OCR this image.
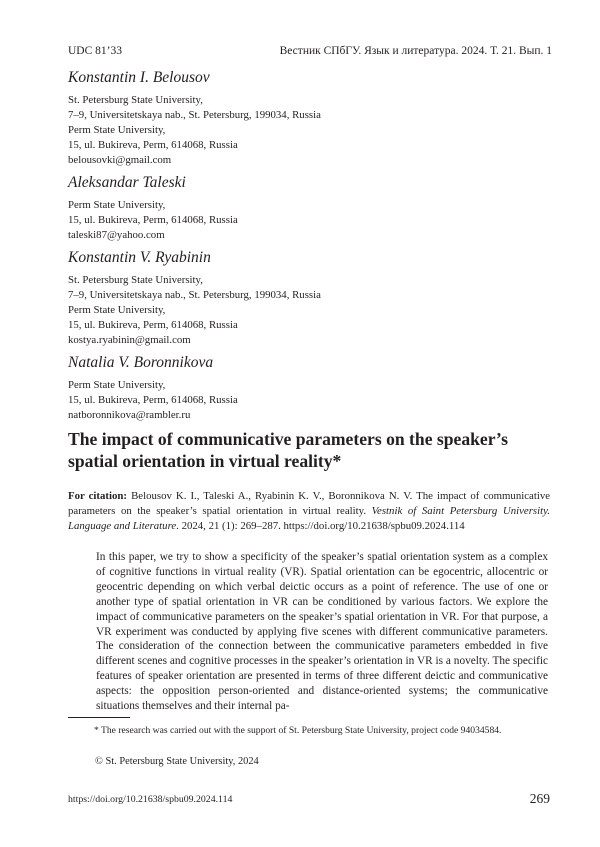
UDC 81’33	Вестник СПбГУ. Язык и литература. 2024. Т. 21. Вып. 1
Konstantin I. Belousov
St. Petersburg State University,
7–9, Universitetskaya nab., St. Petersburg, 199034, Russia
Perm State University,
15, ul. Bukireva, Perm, 614068, Russia
belousovki@gmail.com
Aleksandar Taleski
Perm State University,
15, ul. Bukireva, Perm, 614068, Russia
taleski87@yahoo.com
Konstantin V. Ryabinin
St. Petersburg State University,
7–9, Universitetskaya nab., St. Petersburg, 199034, Russia
Perm State University,
15, ul. Bukireva, Perm, 614068, Russia
kostya.ryabinin@gmail.com
Natalia V. Boronnikova
Perm State University,
15, ul. Bukireva, Perm, 614068, Russia
natboronnikova@rambler.ru
The impact of communicative parameters on the speaker’s spatial orientation in virtual reality*
For citation: Belousov K. I., Taleski A., Ryabinin K. V., Boronnikova N. V. The impact of communicative parameters on the speaker’s spatial orientation in virtual reality. Vestnik of Saint Petersburg University. Language and Literature. 2024, 21 (1): 269–287. https://doi.org/10.21638/spbu09.2024.114
In this paper, we try to show a specificity of the speaker’s spatial orientation system as a complex of cognitive functions in virtual reality (VR). Spatial orientation can be egocentric, allocentric or geocentric depending on which verbal deictic occurs as a point of reference. The use of one or another type of spatial orientation in VR can be conditioned by various factors. We explore the impact of communicative parameters on the speaker’s spatial orientation in VR. For that purpose, a VR experiment was conducted by applying five scenes with different communicative parameters. The consideration of the connection between the communicative parameters embedded in five different scenes and cognitive processes in the speaker’s orientation in VR is a novelty. The specific features of speaker orientation are presented in terms of three different deictic and communicative aspects: the opposition person-oriented and distance-oriented systems; the communicative situations themselves and their internal pa-
* The research was carried out with the support of St. Petersburg State University, project code 94034584.
© St. Petersburg State University, 2024
https://doi.org/10.21638/spbu09.2024.114	269
